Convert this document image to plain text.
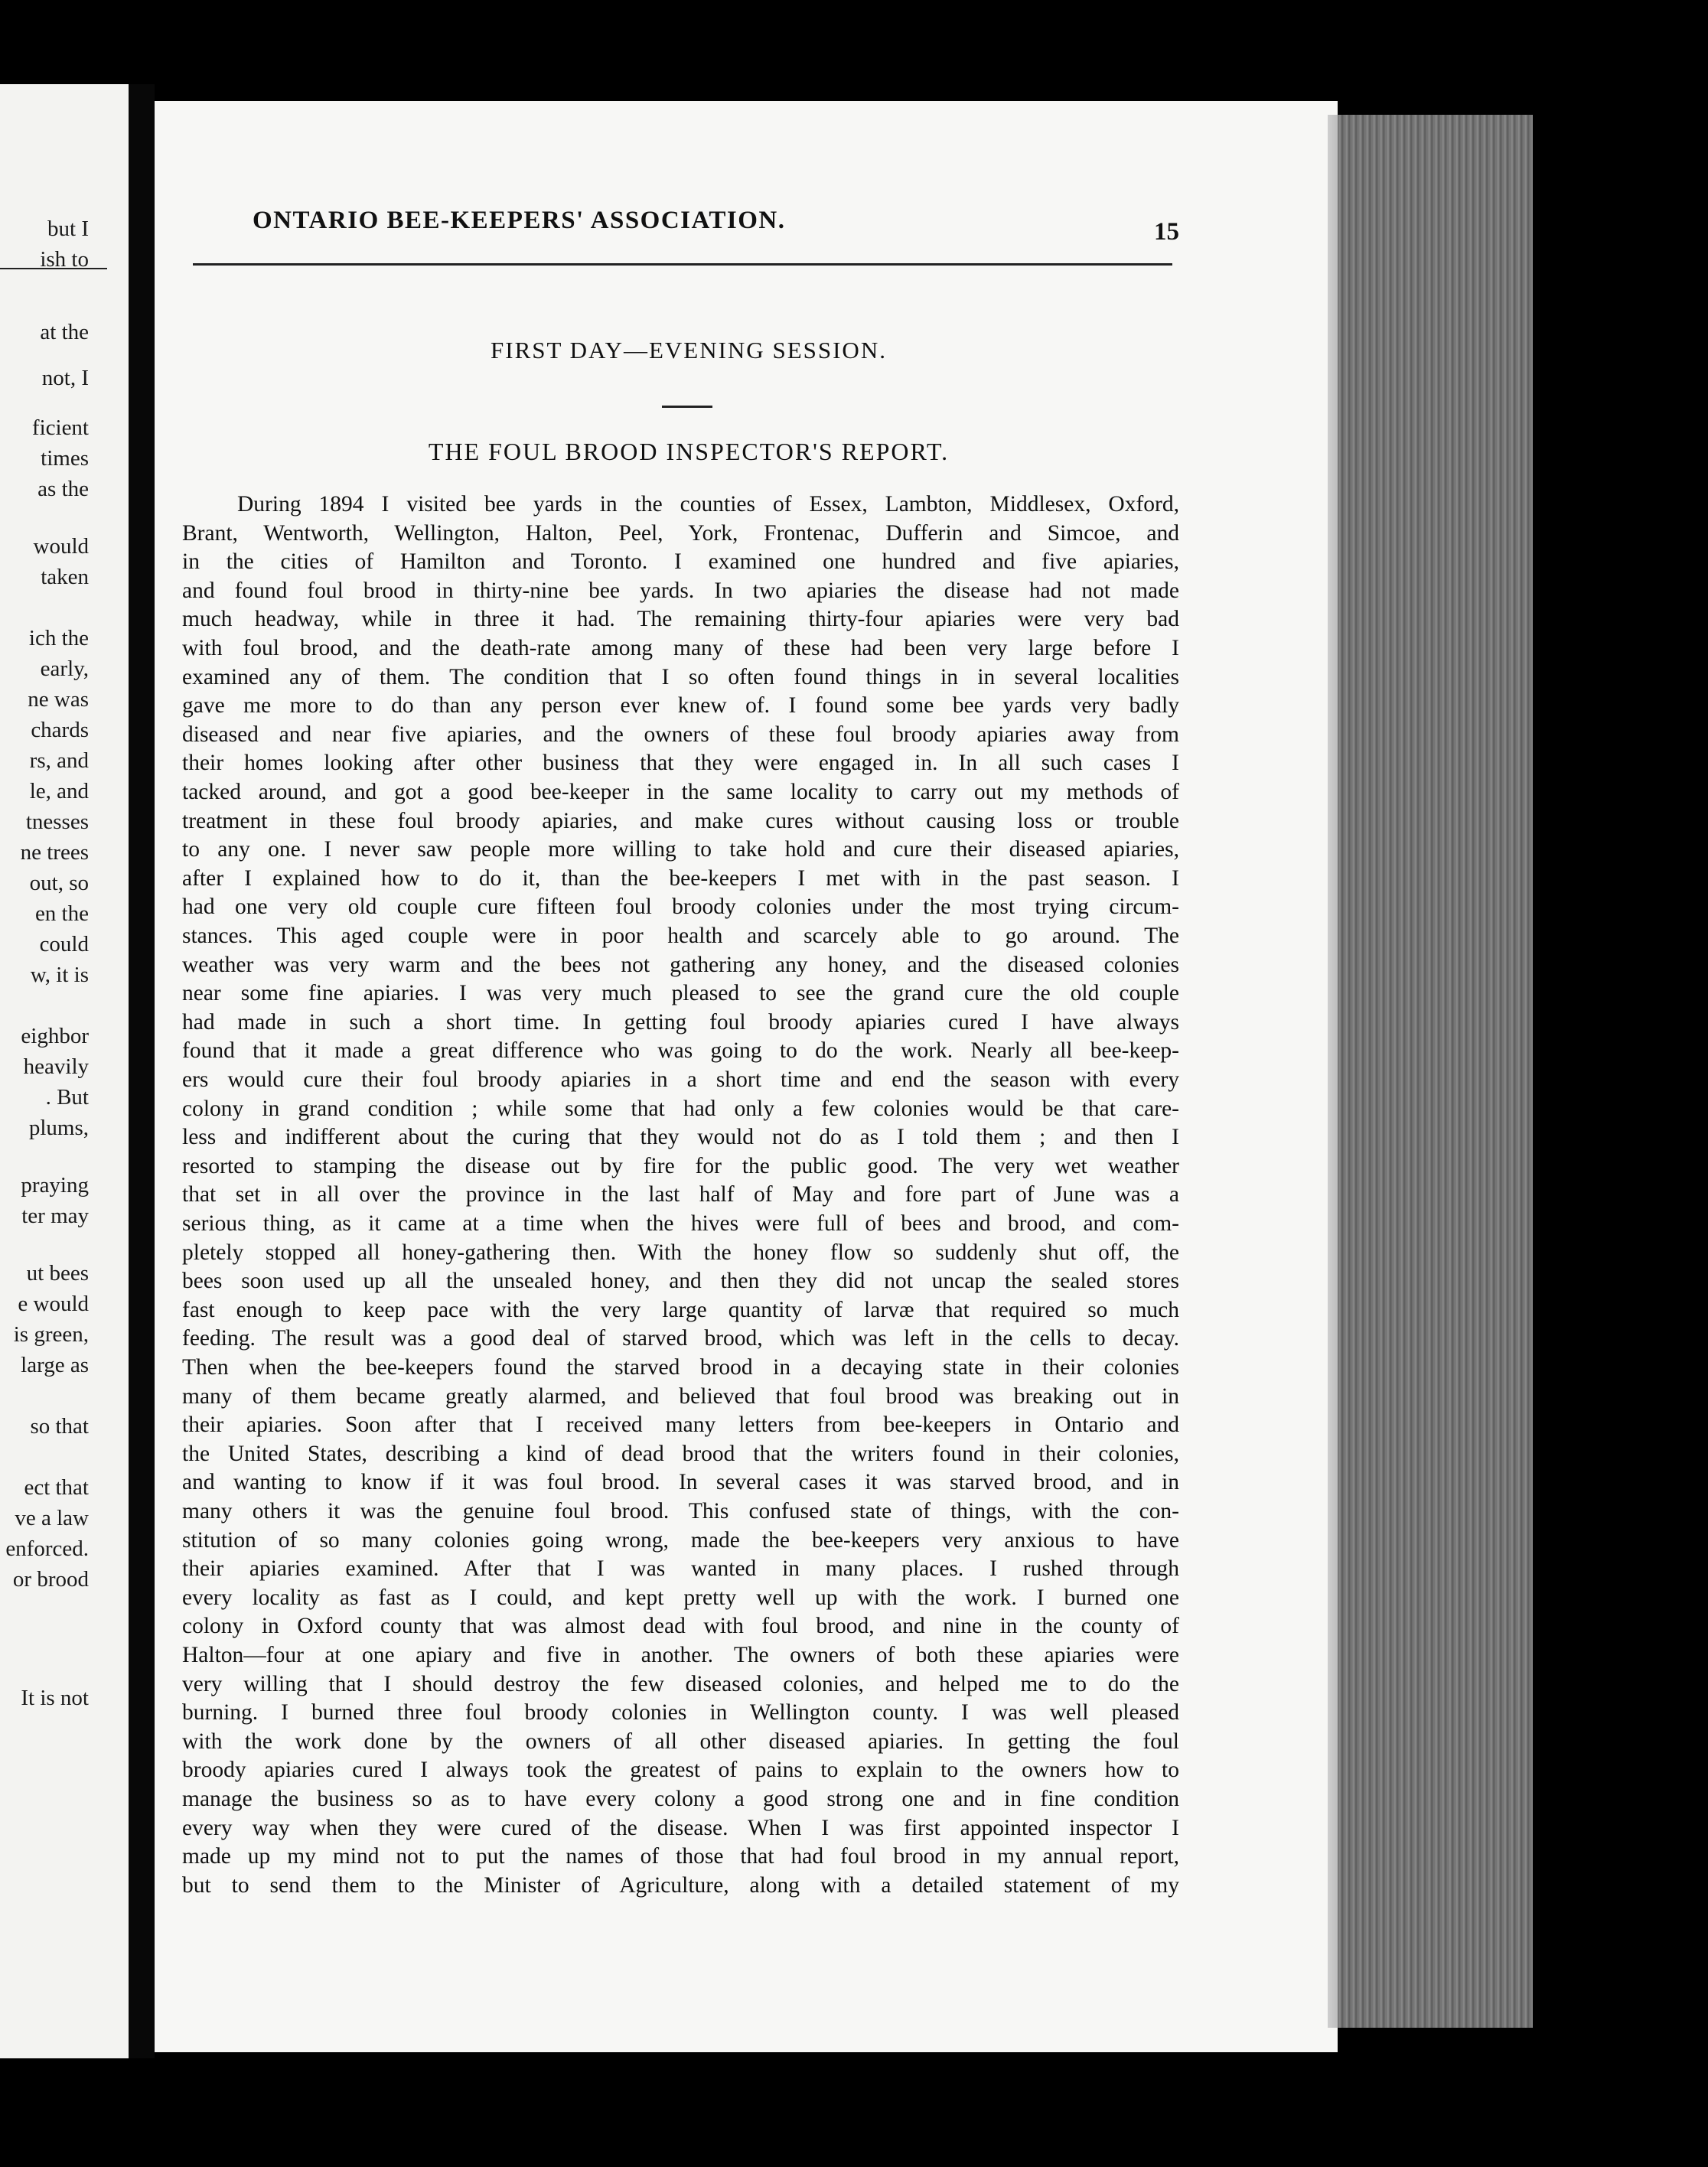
but I
ish to
at the
not, I
ficient
times
as the
would
taken
ich the
early,
ne was
chards
rs, and
le, and
tnesses
ne trees
out, so
en the
could
w, it is
eighbor
heavily
. But
plums,
praying
ter may
ut bees
e would
is green,
large as
so that
ect that
ve a law
enforced.
or brood
It is not
ONTARIO BEE-KEEPERS' ASSOCIATION.	15
FIRST DAY—EVENING SESSION.
THE FOUL BROOD INSPECTOR'S REPORT.
During 1894 I visited bee yards in the counties of Essex, Lambton, Middlesex, Oxford,
Brant, Wentworth, Wellington, Halton, Peel, York, Frontenac, Dufferin and Simcoe, and
in the cities of Hamilton and Toronto. I examined one hundred and five apiaries,
and found foul brood in thirty-nine bee yards. In two apiaries the disease had not made
much headway, while in three it had. The remaining thirty-four apiaries were very bad
with foul brood, and the death-rate among many of these had been very large before I
examined any of them. The condition that I so often found things in in several localities
gave me more to do than any person ever knew of. I found some bee yards very badly
diseased and near five apiaries, and the owners of these foul broody apiaries away from
their homes looking after other business that they were engaged in. In all such cases I
tacked around, and got a good bee-keeper in the same locality to carry out my methods of
treatment in these foul broody apiaries, and make cures without causing loss or trouble
to any one. I never saw people more willing to take hold and cure their diseased apiaries,
after I explained how to do it, than the bee-keepers I met with in the past season. I
had one very old couple cure fifteen foul broody colonies under the most trying circum-
stances. This aged couple were in poor health and scarcely able to go around. The
weather was very warm and the bees not gathering any honey, and the diseased colonies
near some fine apiaries. I was very much pleased to see the grand cure the old couple
had made in such a short time. In getting foul broody apiaries cured I have always
found that it made a great difference who was going to do the work. Nearly all bee-keep-
ers would cure their foul broody apiaries in a short time and end the season with every
colony in grand condition ; while some that had only a few colonies would be that care-
less and indifferent about the curing that they would not do as I told them ; and then I
resorted to stamping the disease out by fire for the public good. The very wet weather
that set in all over the province in the last half of May and fore part of June was a
serious thing, as it came at a time when the hives were full of bees and brood, and com-
pletely stopped all honey-gathering then. With the honey flow so suddenly shut off, the
bees soon used up all the unsealed honey, and then they did not uncap the sealed stores
fast enough to keep pace with the very large quantity of larvæ that required so much
feeding. The result was a good deal of starved brood, which was left in the cells to decay.
Then when the bee-keepers found the starved brood in a decaying state in their colonies
many of them became greatly alarmed, and believed that foul brood was breaking out in
their apiaries. Soon after that I received many letters from bee-keepers in Ontario and
the United States, describing a kind of dead brood that the writers found in their colonies,
and wanting to know if it was foul brood. In several cases it was starved brood, and in
many others it was the genuine foul brood. This confused state of things, with the con-
stitution of so many colonies going wrong, made the bee-keepers very anxious to have
their apiaries examined. After that I was wanted in many places. I rushed through
every locality as fast as I could, and kept pretty well up with the work. I burned one
colony in Oxford county that was almost dead with foul brood, and nine in the county of
Halton—four at one apiary and five in another. The owners of both these apiaries were
very willing that I should destroy the few diseased colonies, and helped me to do the
burning. I burned three foul broody colonies in Wellington county. I was well pleased
with the work done by the owners of all other diseased apiaries. In getting the foul
broody apiaries cured I always took the greatest of pains to explain to the owners how to
manage the business so as to have every colony a good strong one and in fine condition
every way when they were cured of the disease. When I was first appointed inspector I
made up my mind not to put the names of those that had foul brood in my annual report,
but to send them to the Minister of Agriculture, along with a detailed statement of my
